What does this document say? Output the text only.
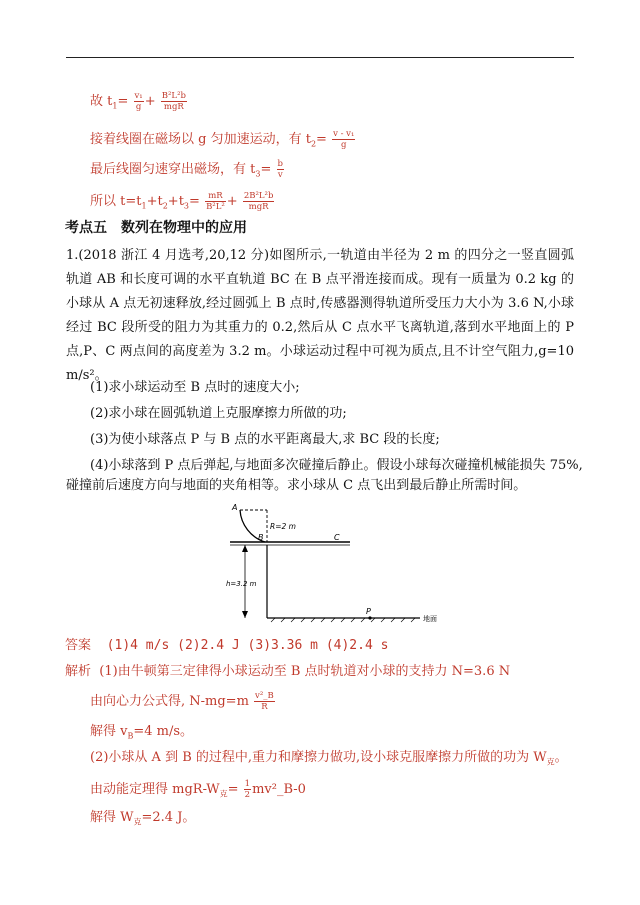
故 $t_1= \frac{\text{v₁}}{g} + \frac{\text{B²L²b}}{\text{mgR}}$
接着线圈在磁场以 g 匀加速运动，有 $t_2= \frac{\text{v - v₁}}{g}$
最后线圈匀速穿出磁场，有 $t_3= \frac{b}{v}$
所以 $t=t_1+t_2+t_3= \frac{mR}{\text{B²L²}} + \frac{\text{2B²L²b}}{\text{mgR}}$
考点五 数列在物理中的应用
1.(2018 浙江 4 月选考,20,12 分)如图所示,一轨道由半径为 2 m 的四分之一竖直圆弧轨道 AB 和长度可调的水平直轨道 BC 在 B 点平滑连接而成。现有一质量为 0.2 kg 的小球从 A 点无初速释放,经过圆弧上 B 点时,传感器测得轨道所受压力大小为 3.6 N,小球经过 BC 段所受的阻力为其重力的 0.2,然后从 C 点水平飞离轨道,落到水平地面上的 P 点,P、C 两点间的高度差为 3.2 m。小球运动过程中可视为质点,且不计空气阻力,g=10 m/s²。
(1)求小球运动至 B 点时的速度大小;
(2)求小球在圆弧轨道上克服摩擦力所做的功;
(3)为使小球落点 P 与 B 点的水平距离最大,求 BC 段的长度;
(4)小球落到 P 点后弹起,与地面多次碰撞后静止。假设小球每次碰撞机械能损失 75%,
碰撞前后速度方向与地面的夹角相等。求小球从 C 点飞出到最后静止所需时间。
A
B	C
R=2 m
h=3.2 m
P
地面
答案 (1)4 m/s (2)2.4 J (3)3.36 m (4)2.4 s
解析 (1)由牛顿第三定律得小球运动至 B 点时轨道对小球的支持力 N=3.6 N
由向心力公式得, $N-mg=m \frac{\text{v²\_B}}{R}$
解得 $v_B=4$ m/s。
(2)小球从 A 到 B 的过程中,重力和摩擦力做功,设小球克服摩擦力所做的功为 $W_克$。
由动能定理得 mgR-$W_克= \frac{1}{2}$ mv²_B-0
解得 $W_克=2.4$ J。
